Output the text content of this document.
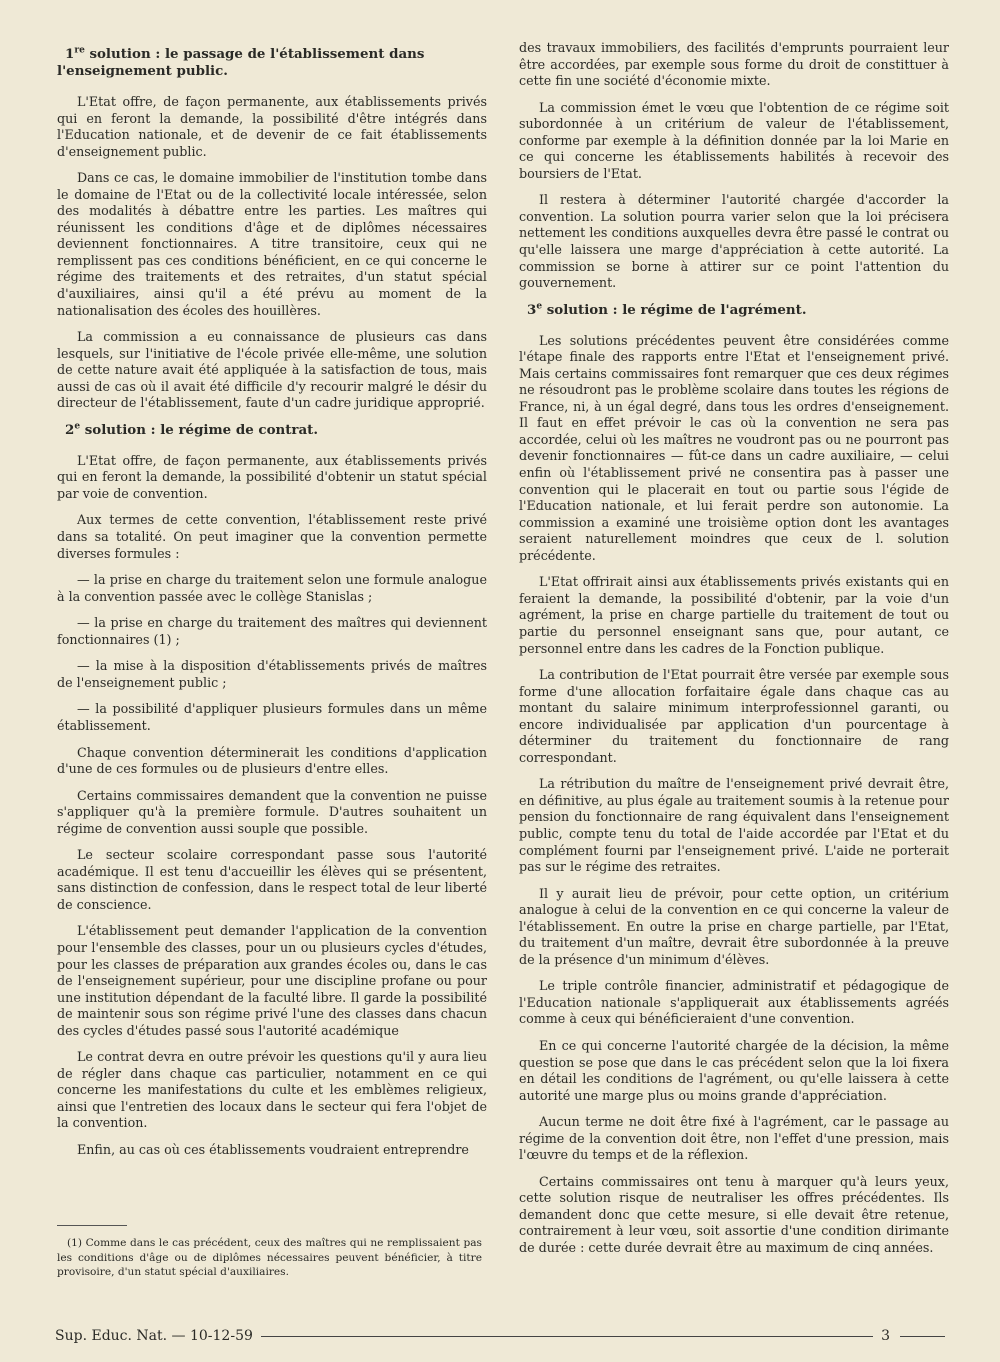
1re solution : le passage de l'établissement dans l'enseignement public.

L'Etat offre, de façon permanente, aux établissements privés qui en feront la demande, la possibilité d'être intégrés dans l'Education nationale, et de devenir de ce fait établissements d'enseignement public.

Dans ce cas, le domaine immobilier de l'institution tombe dans le domaine de l'Etat ou de la collectivité locale intéressée, selon des modalités à débattre entre les parties. Les maîtres qui réunissent les conditions d'âge et de diplômes nécessaires deviennent fonctionnaires. A titre transitoire, ceux qui ne remplissent pas ces conditions bénéficient, en ce qui concerne le régime des traitements et des retraites, d'un statut spécial d'auxiliaires, ainsi qu'il a été prévu au moment de la nationalisation des écoles des houillères.

La commission a eu connaissance de plusieurs cas dans lesquels, sur l'initiative de l'école privée elle-même, une solution de cette nature avait été appliquée à la satisfaction de tous, mais aussi de cas où il avait été difficile d'y recourir malgré le désir du directeur de l'établissement, faute d'un cadre juridique approprié.

2e solution : le régime de contrat.

L'Etat offre, de façon permanente, aux établissements privés qui en feront la demande, la possibilité d'obtenir un statut spécial par voie de convention.

Aux termes de cette convention, l'établissement reste privé dans sa totalité. On peut imaginer que la convention permette diverses formules :

— la prise en charge du traitement selon une formule analogue à la convention passée avec le collège Stanislas ;

— la prise en charge du traitement des maîtres qui deviennent fonctionnaires (1) ;

— la mise à la disposition d'établissements privés de maîtres de l'enseignement public ;

— la possibilité d'appliquer plusieurs formules dans un même établissement.

Chaque convention déterminerait les conditions d'application d'une de ces formules ou de plusieurs d'entre elles.

Certains commissaires demandent que la convention ne puisse s'appliquer qu'à la première formule. D'autres souhaitent un régime de convention aussi souple que possible.

Le secteur scolaire correspondant passe sous l'autorité académique. Il est tenu d'accueillir les élèves qui se présentent, sans distinction de confession, dans le respect total de leur liberté de conscience.

L'établissement peut demander l'application de la convention pour l'ensemble des classes, pour un ou plusieurs cycles d'études, pour les classes de préparation aux grandes écoles ou, dans le cas de l'enseignement supérieur, pour une discipline profane ou pour une institution dépendant de la faculté libre. Il garde la possibilité de maintenir sous son régime privé l'une des classes dans chacun des cycles d'études passé sous l'autorité académique

Le contrat devra en outre prévoir les questions qu'il y aura lieu de régler dans chaque cas particulier, notamment en ce qui concerne les manifestations du culte et les emblèmes religieux, ainsi que l'entretien des locaux dans le secteur qui fera l'objet de la convention.

Enfin, au cas où ces établissements voudraient entreprendre

des travaux immobiliers, des facilités d'emprunts pourraient leur être accordées, par exemple sous forme du droit de constittuer à cette fin une société d'économie mixte.

La commission émet le vœu que l'obtention de ce régime soit subordonnée à un critérium de valeur de l'établissement, conforme par exemple à la définition donnée par la loi Marie en ce qui concerne les établissements habilités à recevoir des boursiers de l'Etat.

Il restera à déterminer l'autorité chargée d'accorder la convention. La solution pourra varier selon que la loi précisera nettement les conditions auxquelles devra être passé le contrat ou qu'elle laissera une marge d'appréciation à cette autorité. La commission se borne à attirer sur ce point l'attention du gouvernement.

3e solution : le régime de l'agrément.

Les solutions précédentes peuvent être considérées comme l'étape finale des rapports entre l'Etat et l'enseignement privé. Mais certains commissaires font remarquer que ces deux régimes ne résoudront pas le problème scolaire dans toutes les régions de France, ni, à un égal degré, dans tous les ordres d'enseignement. Il faut en effet prévoir le cas où la convention ne sera pas accordée, celui où les maîtres ne voudront pas ou ne pourront pas devenir fonctionnaires — fût-ce dans un cadre auxiliaire, — celui enfin où l'établissement privé ne consentira pas à passer une convention qui le placerait en tout ou partie sous l'égide de l'Education nationale, et lui ferait perdre son autonomie. La commission a examiné une troisième option dont les avantages seraient naturellement moindres que ceux de l. solution précédente.

L'Etat offrirait ainsi aux établissements privés existants qui en feraient la demande, la possibilité d'obtenir, par la voie d'un agrément, la prise en charge partielle du traitement de tout ou partie du personnel enseignant sans que, pour autant, ce personnel entre dans les cadres de la Fonction publique.

La contribution de l'Etat pourrait être versée par exemple sous forme d'une allocation forfaitaire égale dans chaque cas au montant du salaire minimum interprofessionnel garanti, ou encore individualisée par application d'un pourcentage à déterminer du traitement du fonctionnaire de rang correspondant.

La rétribution du maître de l'enseignement privé devrait être, en définitive, au plus égale au traitement soumis à la retenue pour pension du fonctionnaire de rang équivalent dans l'enseignement public, compte tenu du total de l'aide accordée par l'Etat et du complément fourni par l'enseignement privé. L'aide ne porterait pas sur le régime des retraites.

Il y aurait lieu de prévoir, pour cette option, un critérium analogue à celui de la convention en ce qui concerne la valeur de l'établissement. En outre la prise en charge partielle, par l'Etat, du traitement d'un maître, devrait être subordonnée à la preuve de la présence d'un minimum d'élèves.

Le triple contrôle financier, administratif et pédagogique de l'Education nationale s'appliquerait aux établissements agréés comme à ceux qui bénéficieraient d'une convention.

En ce qui concerne l'autorité chargée de la décision, la même question se pose que dans le cas précédent selon que la loi fixera en détail les conditions de l'agrément, ou qu'elle laissera à cette autorité une marge plus ou moins grande d'appréciation.

Aucun terme ne doit être fixé à l'agrément, car le passage au régime de la convention doit être, non l'effet d'une pression, mais l'œuvre du temps et de la réflexion.

Certains commissaires ont tenu à marquer qu'à leurs yeux, cette solution risque de neutraliser les offres précédentes. Ils demandent donc que cette mesure, si elle devait être retenue, contrairement à leur vœu, soit assortie d'une condition dirimante de durée : cette durée devrait être au maximum de cinq années.

(1) Comme dans le cas précédent, ceux des maîtres qui ne remplissaient pas les conditions d'âge ou de diplômes nécessaires peuvent bénéficier, à titre provisoire, d'un statut spécial d'auxiliaires.
Sup. Educ. Nat. — 10-12-59	3
